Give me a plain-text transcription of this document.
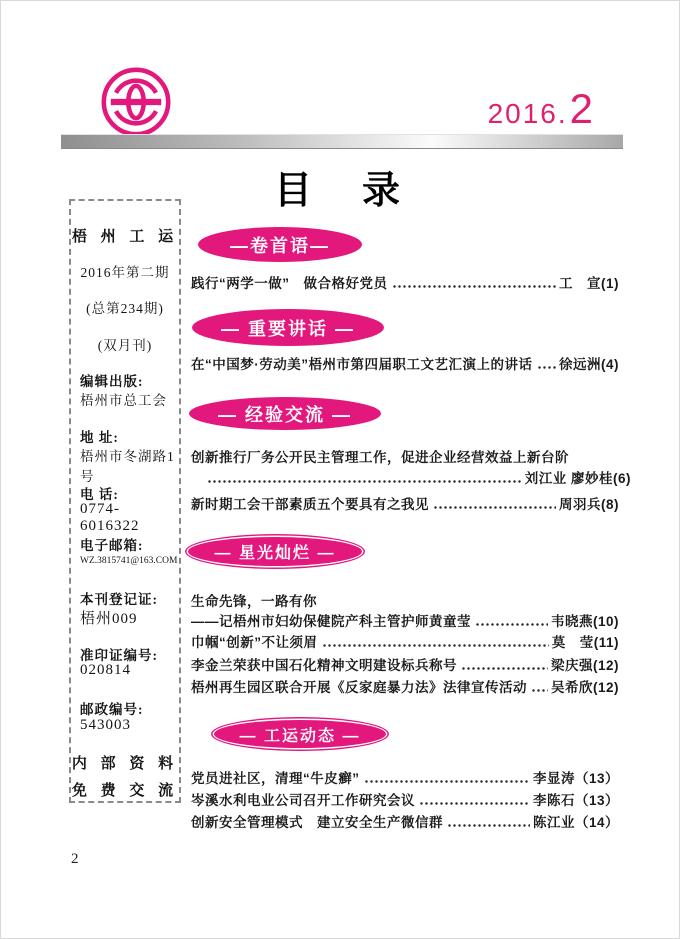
2016. 2
目　录
梧 州 工 运
2016年第二期
(总第234期)
(双月刊)
编辑出版:
梧州市总工会
地 址:
梧州市冬湖路1号
电 话:
0774-6016322
电子邮箱:
WZ.3815741@163.COM
本刊登记证:
梧州009
准印证编号:
020814
邮政编号:
543003
内 部 资 料
免 费 交 流
—卷首语—
— 重要讲话 —
— 经验交流 —
— 星光灿烂 —
— 工运动态 —
践行“两学一做”　做合格好党员	工　宣 (1)
在“中国梦·劳动美”梧州市第四届职工文艺汇演上的讲话 徐远洲 (4)
创新推行厂务公开民主管理工作，促进企业经营效益上新台阶
刘江业 廖妙桂 (6)
新时期工会干部素质五个要具有之我见	周羽兵 (8)
生命先锋，一路有你
——记梧州市妇幼保健院产科主管护师黄童莹	韦晓燕 (10)
巾帼“创新”不让须眉	莫　莹 (11)
李金兰荣获中国石化精神文明建设标兵称号	梁庆强 (12)
梧州再生园区联合开展《反家庭暴力法》法律宣传活动 吴希欣 (12)
党员进社区，清理“牛皮癣”	李显涛 （13）
岑溪水利电业公司召开工作研究会议	李陈石 （13）
创新安全管理模式　建立安全生产微信群	陈江业 （14）
2
